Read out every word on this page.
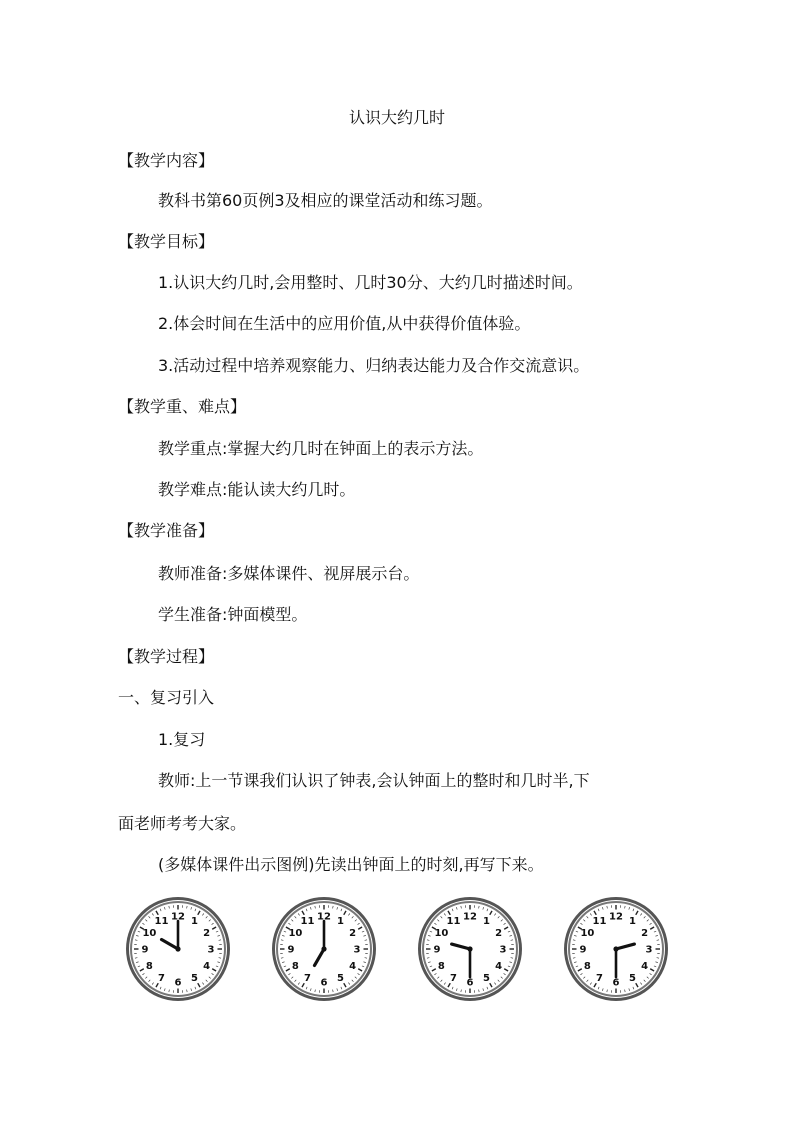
认识大约几时
【教学内容】
教科书第60页例3及相应的课堂活动和练习题。
【教学目标】
1.认识大约几时,会用整时、几时30分、大约几时描述时间。
2.体会时间在生活中的应用价值,从中获得价值体验。
3.活动过程中培养观察能力、归纳表达能力及合作交流意识。
【教学重、难点】
教学重点:掌握大约几时在钟面上的表示方法。
教学难点:能认读大约几时。
【教学准备】
教师准备:多媒体课件、视屏展示台。
学生准备:钟面模型。
【教学过程】
一、复习引入
1.复习
教师:上一节课我们认识了钟表,会认钟面上的整时和几时半,下
面老师考考大家。
(多媒体课件出示图例)先读出钟面上的时刻,再写下来。
12 1
2
3
4
5
6
7
8
9
10
11	12 1
2
3
4
5
6
7
8
9
10
11	12 1
2
3
4
5
6
7
8
9
10
11	12 1
2
3
4
5
6
7
8
9
10
11
